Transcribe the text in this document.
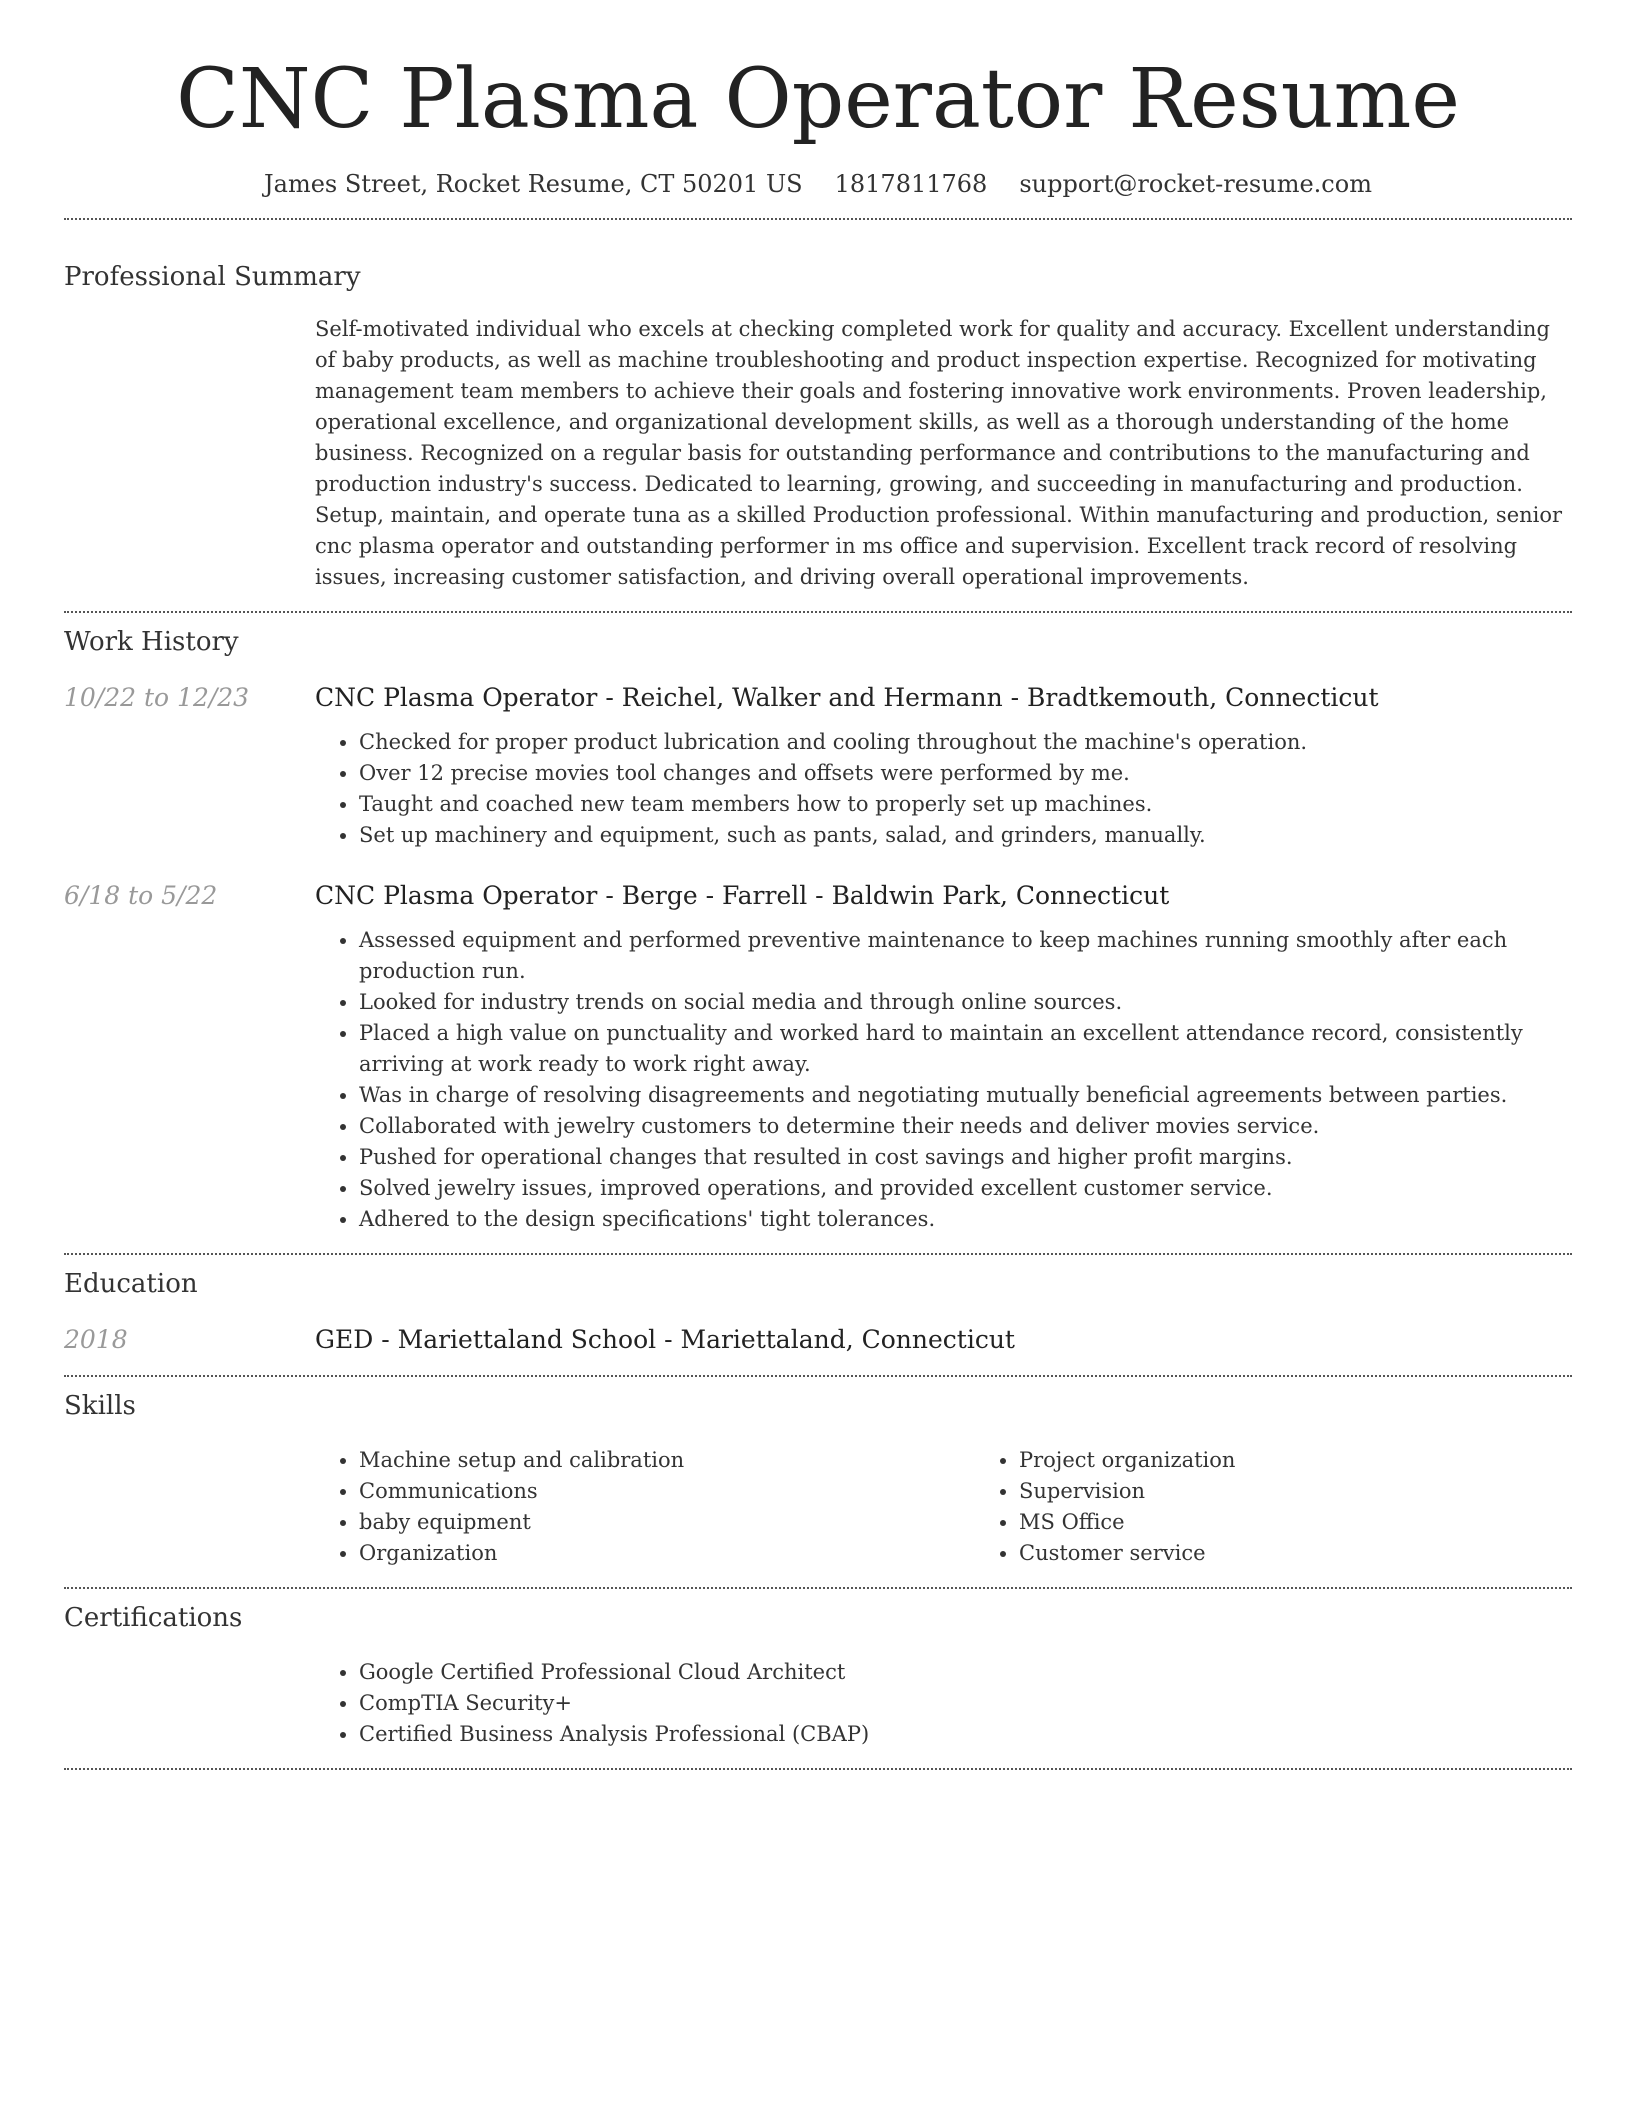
CNC Plasma Operator Resume
James Street, Rocket Resume, CT 50201 US 1817811768 support@rocket-resume.com
Professional Summary

Self-motivated individual who excels at checking completed work for quality and accuracy. Excellent understanding of baby products, as well as machine troubleshooting and product inspection expertise. Recognized for motivating management team members to achieve their goals and fostering innovative work environments. Proven leadership, operational excellence, and organizational development skills, as well as a thorough understanding of the home business. Recognized on a regular basis for outstanding performance and contributions to the manufacturing and production industry's success. Dedicated to learning, growing, and succeeding in manufacturing and production. Setup, maintain, and operate tuna as a skilled Production professional. Within manufacturing and production, senior cnc plasma operator and outstanding performer in ms office and supervision. Excellent track record of resolving issues, increasing customer satisfaction, and driving overall operational improvements.

Work History
10/22 to 12/23	CNC Plasma Operator - Reichel, Walker and Hermann - Bradtkemouth, Connecticut
• Checked for proper product lubrication and cooling throughout the machine's operation.
• Over 12 precise movies tool changes and offsets were performed by me.
• Taught and coached new team members how to properly set up machines.
• Set up machinery and equipment, such as pants, salad, and grinders, manually.
6/18 to 5/22	CNC Plasma Operator - Berge - Farrell - Baldwin Park, Connecticut
• Assessed equipment and performed preventive maintenance to keep machines running smoothly after each production run.
• Looked for industry trends on social media and through online sources.
• Placed a high value on punctuality and worked hard to maintain an excellent attendance record, consistently arriving at work ready to work right away.
• Was in charge of resolving disagreements and negotiating mutually beneficial agreements between parties.
• Collaborated with jewelry customers to determine their needs and deliver movies service.
• Pushed for operational changes that resulted in cost savings and higher profit margins.
• Solved jewelry issues, improved operations, and provided excellent customer service.
• Adhered to the design specifications' tight tolerances.
Education
2018	GED - Mariettaland School - Mariettaland, Connecticut
Skills
• Machine setup and calibration
• Communications
• baby equipment
• Organization
• Project organization
• Supervision
• MS Office
• Customer service
Certifications
• Google Certified Professional Cloud Architect
• CompTIA Security+
• Certified Business Analysis Professional (CBAP)
